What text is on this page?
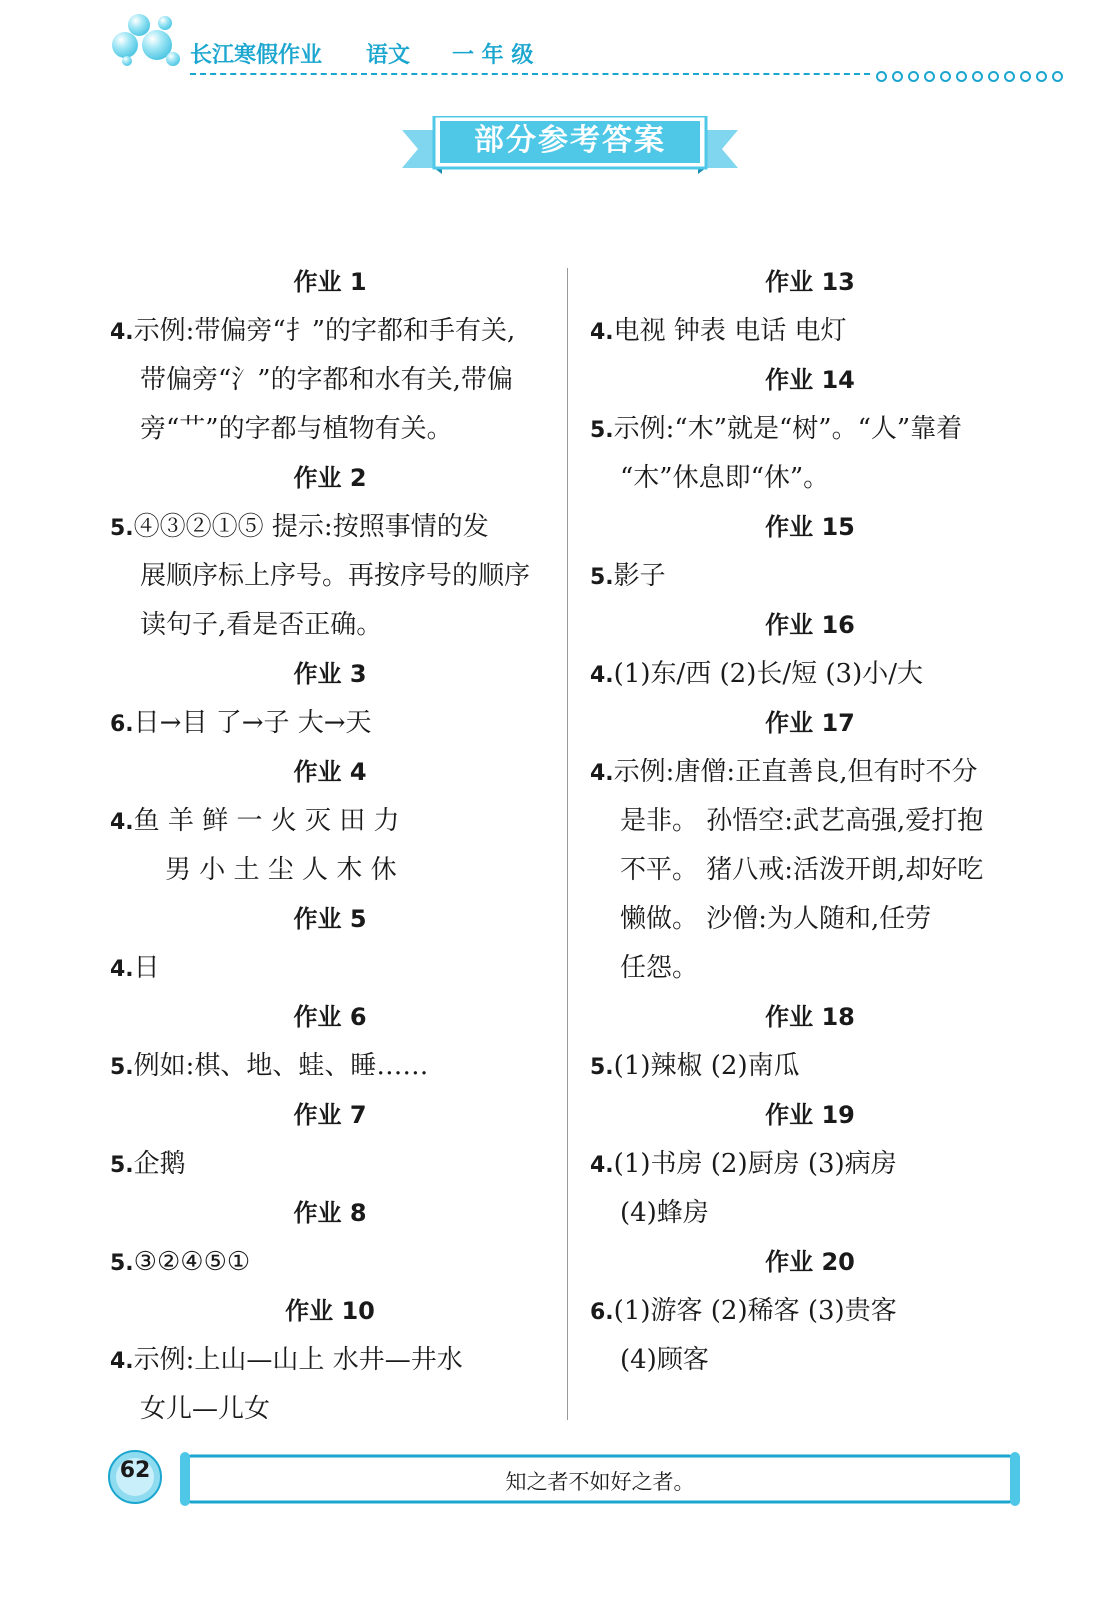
长江寒假作业 语文 一 年 级
部分参考答案
作业 1
4.示例:带偏旁“扌”的字都和手有关,
带偏旁“氵”的字都和水有关,带偏
旁“艹”的字都与植物有关。
作业 2
5.④③②①⑤ 提示:按照事情的发
展顺序标上序号。再按序号的顺序
读句子,看是否正确。
作业 3
6.日→目 了→子 大→天
作业 4
4.鱼 羊 鲜 一 火 灭 田 力
男 小 土 尘 人 木 休
作业 5
4.日
作业 6
5.例如:棋、地、蛙、睡……
作业 7
5.企鹅
作业 8
5.③②④⑤①
作业 10
4.示例:上山—山上 水井—井水
女儿—儿女
作业 13
4.电视 钟表 电话 电灯
作业 14
5.示例:“木”就是“树”。“人”靠着
“木”休息即“休”。
作业 15
5.影子
作业 16
4.(1)东/西 (2)长/短 (3)小/大
作业 17
4.示例:唐僧:正直善良,但有时不分
是非。 孙悟空:武艺高强,爱打抱
不平。 猪八戒:活泼开朗,却好吃
懒做。 沙僧:为人随和,任劳
任怨。
作业 18
5.(1)辣椒 (2)南瓜
作业 19
4.(1)书房 (2)厨房 (3)病房
(4)蜂房
作业 20
6.(1)游客 (2)稀客 (3)贵客
(4)顾客
62	知之者不如好之者。
